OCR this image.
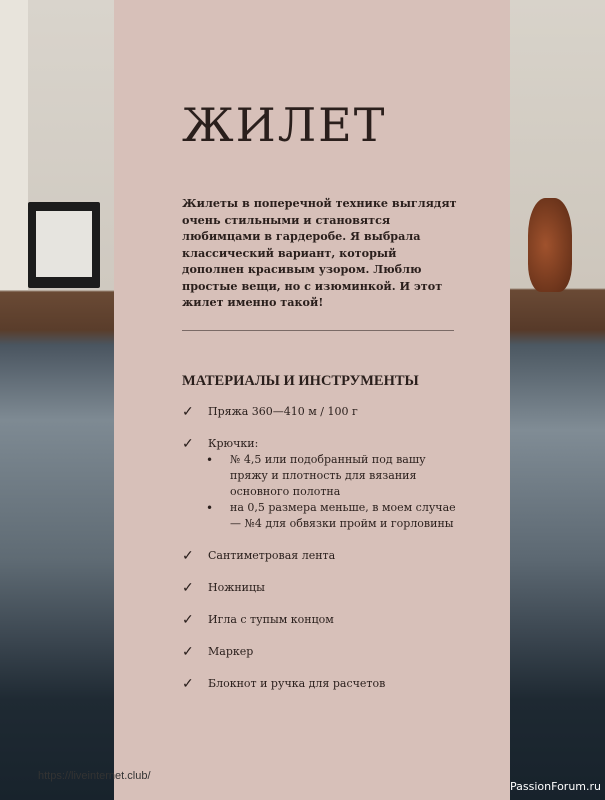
ЖИЛЕТ

Жилеты в поперечной технике выглядят очень стильными и становятся любимцами в гардеробе. Я выбрала классический вариант, который дополнен красивым узором. Люблю простые вещи, но с изюминкой. И этот жилет именно такой!

МАТЕРИАЛЫ И ИНСТРУМЕНТЫ
✓	Пряжа 360—410 м / 100 г
✓	Крючки:
•	№ 4,5 или подобранный под вашу пряжу и плотность для вязания основного полотна
•	на 0,5 размера меньше, в моем случае — №4 для обвязки пройм и горловины
✓	Сантиметровая лента
✓	Ножницы
✓	Игла с тупым концом
✓	Маркер
✓	Блокнот и ручка для расчетов
https://liveinternet.club/
PassionForum.ru
